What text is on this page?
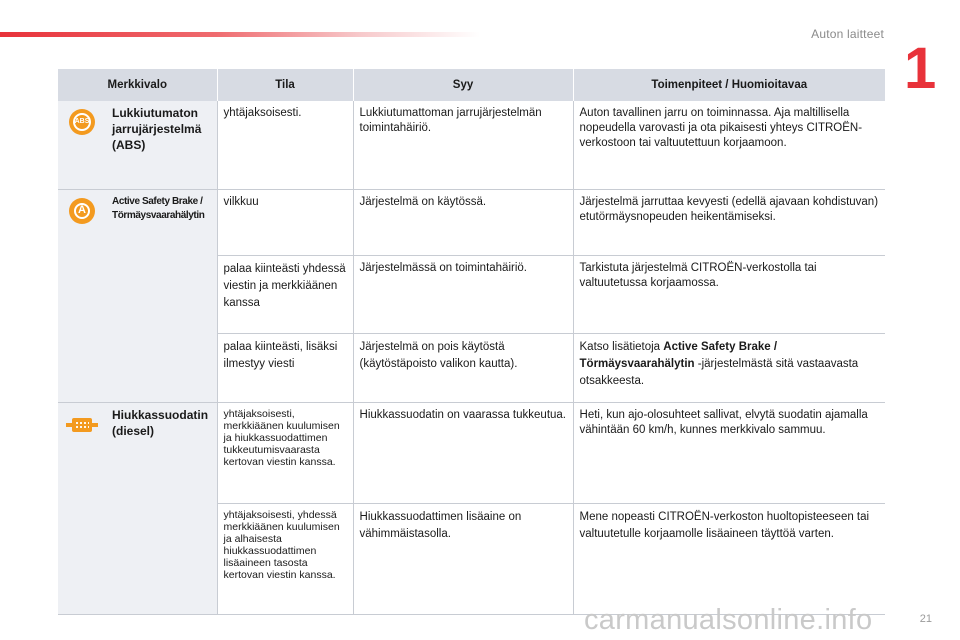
Auton laitteet
1
Merkkivalo		Tila	Syy	Toimenpiteet / Huomioitavaa

ABS	Lukkiutumaton jarrujärjestelmä (ABS)	yhtäjaksoisesti.	Lukkiutumattoman jarrujärjestelmän toimintahäiriö.	Auton tavallinen jarru on toiminnassa. Aja maltillisella nopeudella varovasti ja ota pikaisesti yhteys CITROËN-verkostoon tai valtuutettuun korjaamoon.

A	Active Safety Brake /
Törmäysvaarahälytin	vilkkuu	Järjestelmä on käytössä.	Järjestelmä jarruttaa kevyesti (edellä ajavaan kohdistuvan) etutörmäysnopeuden heikentämiseksi.
		palaa kiinteästi yhdessä viestin ja merkkiäänen kanssa	Järjestelmässä on toimintahäiriö.	Tarkistuta järjestelmä CITROËN-verkostolla tai valtuutetussa korjaamossa.
		palaa kiinteästi, lisäksi ilmestyy viesti	Järjestelmä on pois käytöstä (käytöstäpoisto valikon kautta).	Katso lisätietoja Active Safety Brake / Törmäysvaarahälytin -järjestelmästä sitä vastaavasta otsakkeesta.

	Hiukkassuodatin (diesel)	yhtäjaksoisesti, merkkiäänen kuulumisen ja hiukkassuodattimen tukkeutumisvaarasta kertovan viestin kanssa.	Hiukkassuodatin on vaarassa tukkeutua.	Heti, kun ajo-olosuhteet sallivat, elvytä suodatin ajamalla vähintään 60 km/h, kunnes merkkivalo sammuu.
		yhtäjaksoisesti, yhdessä merkkiäänen kuulumisen ja alhaisesta hiukkassuodattimen lisäaineen tasosta kertovan viestin kanssa.	Hiukkassuodattimen lisäaine on vähimmäistasolla.	Mene nopeasti CITROËN-verkoston huoltopisteeseen tai valtuutetulle korjaamolle lisäaineen täyttöä varten.
carmanualsonline.info	21
